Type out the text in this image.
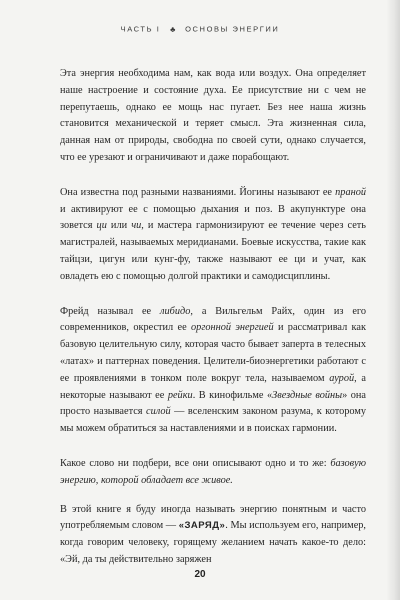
ЧАСТЬ I ♣ ОСНОВЫ ЭНЕРГИИ

Эта энергия необходима нам, как вода или воздух. Она определяет наше настроение и состояние духа. Ее присутствие ни с чем не перепутаешь, однако ее мощь нас пугает. Без нее наша жизнь становится механической и теряет смысл. Эта жизненная сила, данная нам от природы, свободна по своей сути, однако случается, что ее урезают и ограничивают и даже порабощают.

Она известна под разными названиями. Йогины называют ее праной и активируют ее с помощью дыхания и поз. В акупунктуре она зовется ци или чи, и мастера гармонизируют ее течение через сеть магистралей, называемых меридианами. Боевые искусства, такие как тайцзи, цигун или кунг-фу, также называют ее ци и учат, как овладеть ею с помощью долгой практики и самодисциплины.

Фрейд называл ее либидо, а Вильгельм Райх, один из его современников, окрестил ее оргонной энергией и рассматривал как базовую целительную силу, которая часто бывает заперта в телесных «латах» и паттернах поведения. Целители-биоэнергетики работают с ее проявлениями в тонком поле вокруг тела, называемом аурой, а некоторые называют ее рейки. В кинофильме «Звездные войны» она просто называется силой — вселенским законом разума, к которому мы можем обратиться за наставлениями и в поисках гармонии.

Какое слово ни подбери, все они описывают одно и то же: базовую энергию, которой обладает все живое.

В этой книге я буду иногда называть энергию понятным и часто употребляемым словом — «ЗАРЯД». Мы используем его, например, когда говорим человеку, горящему желанием начать какое-то дело: «Эй, да ты действительно заряжен

20
